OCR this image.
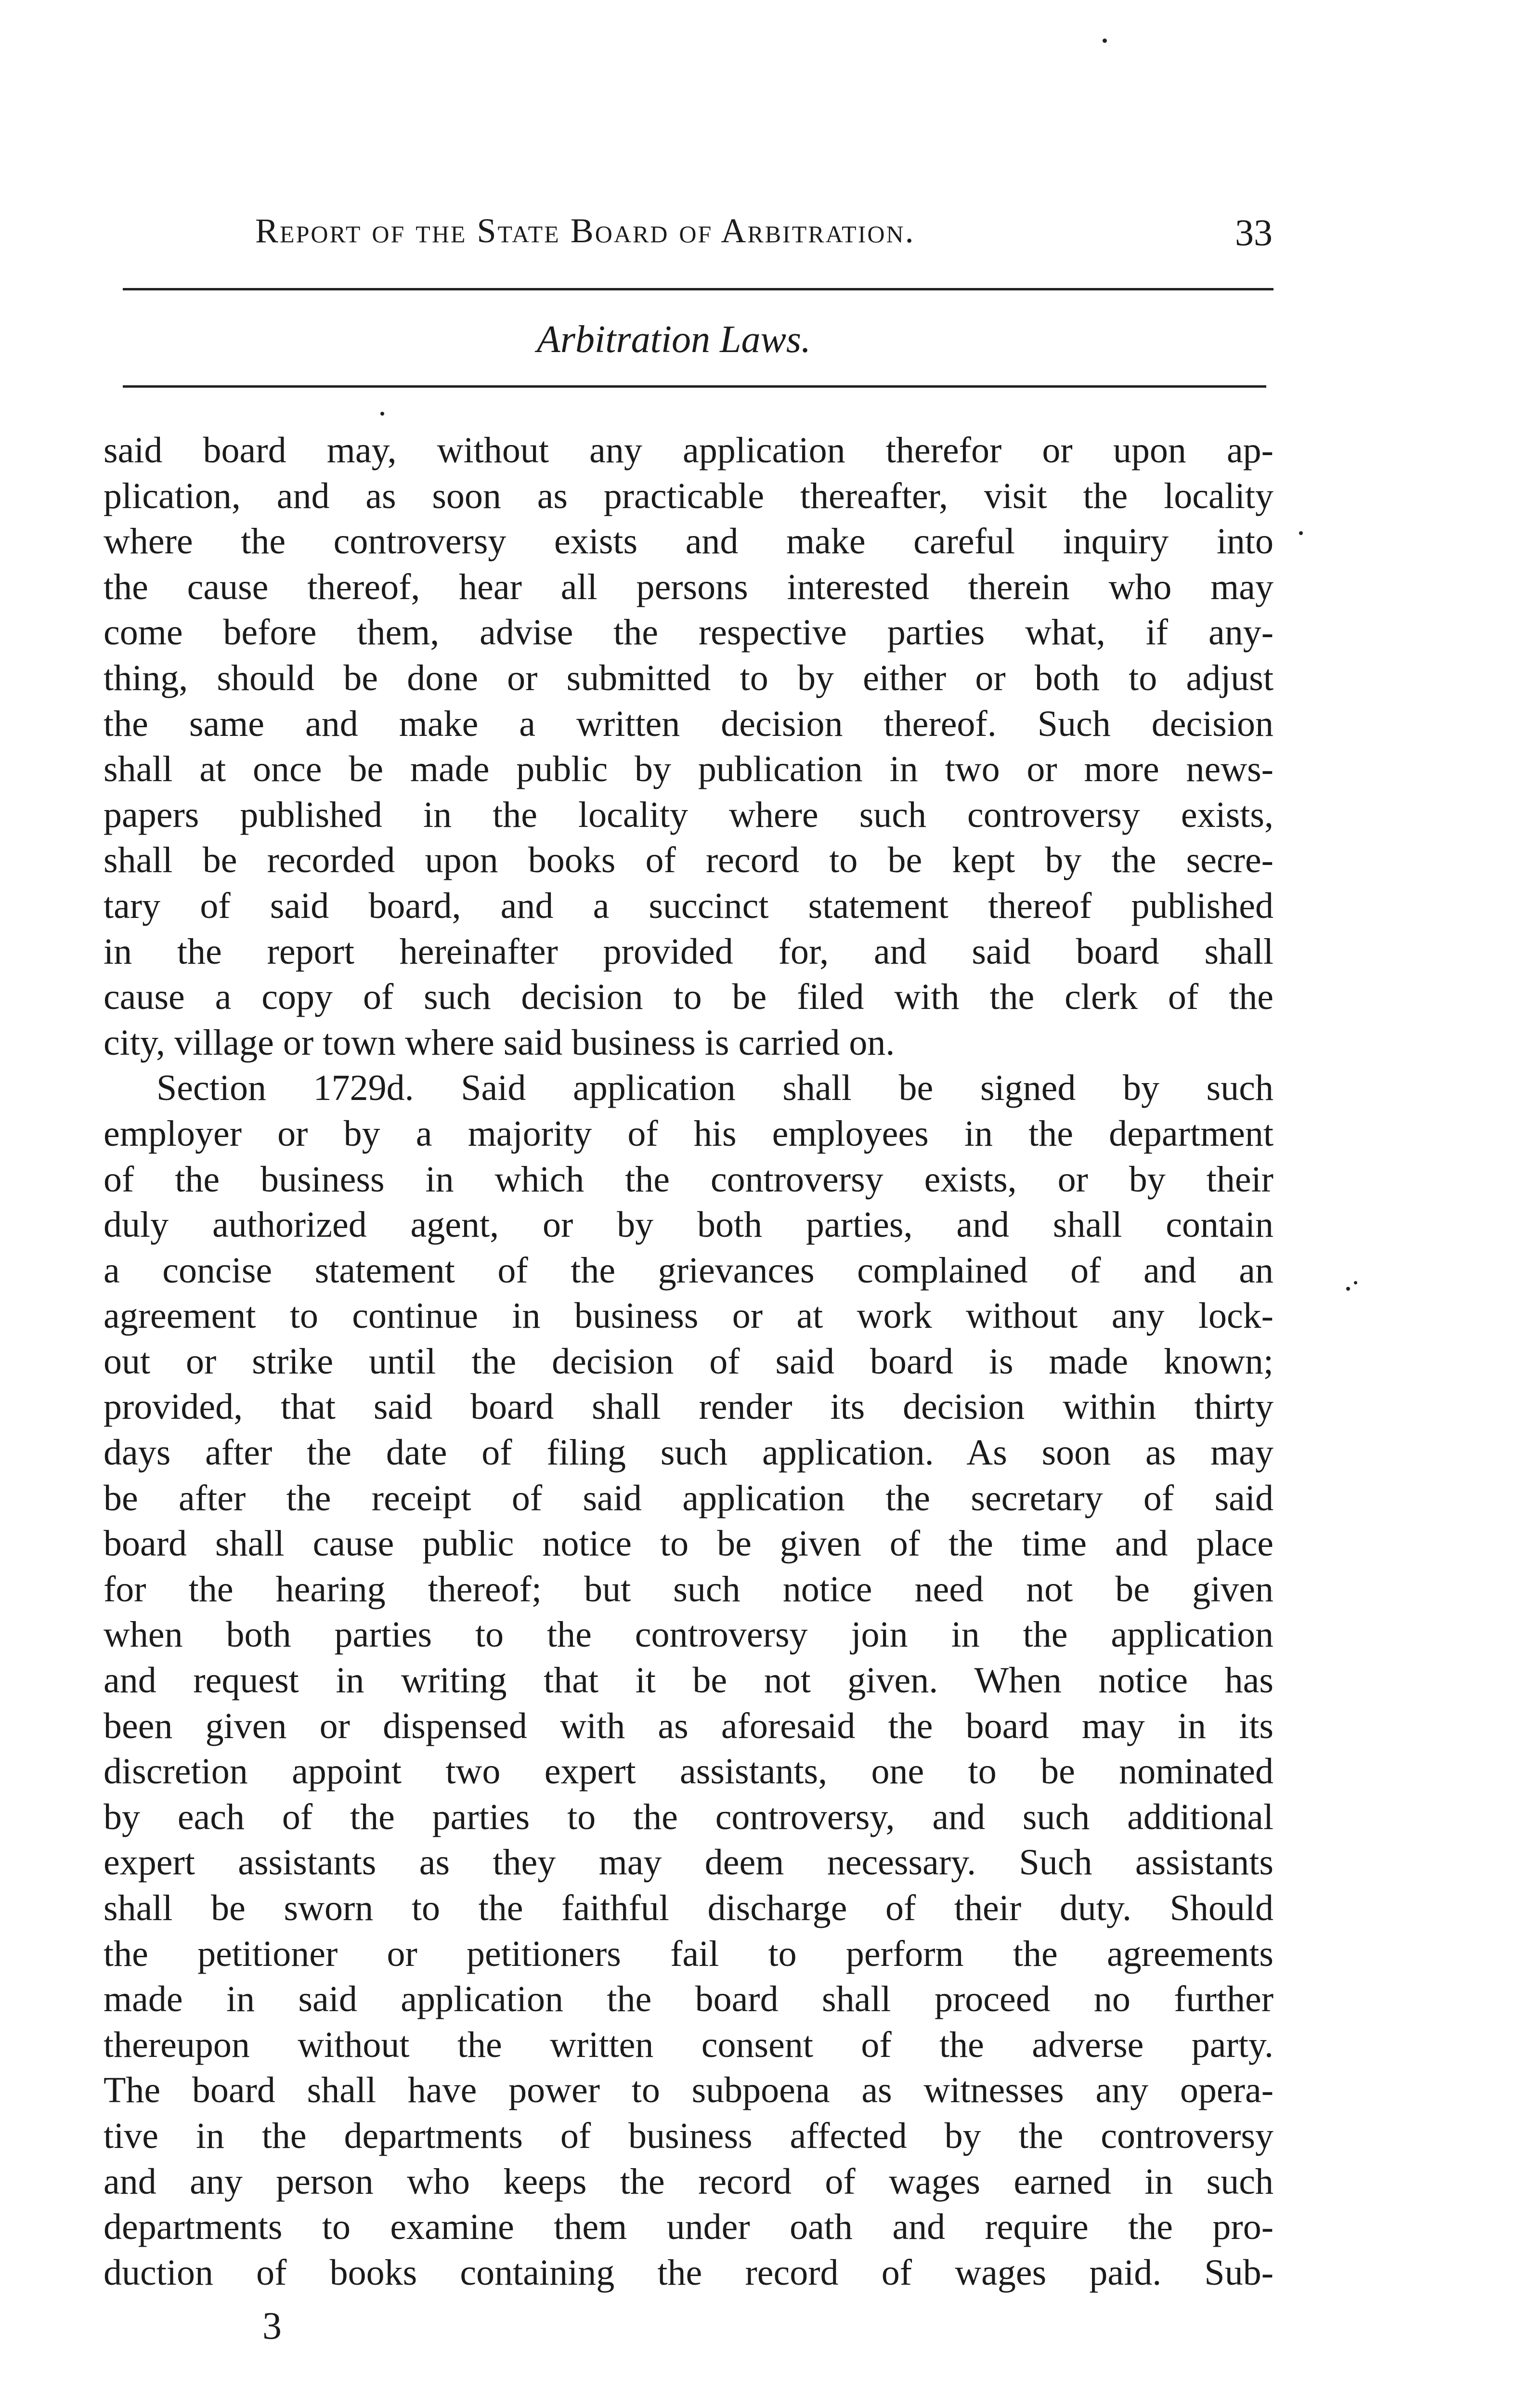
Report of the State Board of Arbitration.	33
Arbitration Laws.
said board may, without any application therefor or upon ap-
plication, and as soon as practicable thereafter, visit the locality
where the controversy exists and make careful inquiry into
the cause thereof, hear all persons interested therein who may
come before them, advise the respective parties what, if any-
thing, should be done or submitted to by either or both to adjust
the same and make a written decision thereof. Such decision
shall at once be made public by publication in two or more news-
papers published in the locality where such controversy exists,
shall be recorded upon books of record to be kept by the secre-
tary of said board, and a succinct statement thereof published
in the report hereinafter provided for, and said board shall
cause a copy of such decision to be filed with the clerk of the
city, village or town where said business is carried on.
Section 1729d. Said application shall be signed by such
employer or by a majority of his employees in the department
of the business in which the controversy exists, or by their
duly authorized agent, or by both parties, and shall contain
a concise statement of the grievances complained of and an
agreement to continue in business or at work without any lock-
out or strike until the decision of said board is made known;
provided, that said board shall render its decision within thirty
days after the date of filing such application. As soon as may
be after the receipt of said application the secretary of said
board shall cause public notice to be given of the time and place
for the hearing thereof; but such notice need not be given
when both parties to the controversy join in the application
and request in writing that it be not given. When notice has
been given or dispensed with as aforesaid the board may in its
discretion appoint two expert assistants, one to be nominated
by each of the parties to the controversy, and such additional
expert assistants as they may deem necessary. Such assistants
shall be sworn to the faithful discharge of their duty. Should
the petitioner or petitioners fail to perform the agreements
made in said application the board shall proceed no further
thereupon without the written consent of the adverse party.
The board shall have power to subpoena as witnesses any opera-
tive in the departments of business affected by the controversy
and any person who keeps the record of wages earned in such
departments to examine them under oath and require the pro-
duction of books containing the record of wages paid. Sub-
3
